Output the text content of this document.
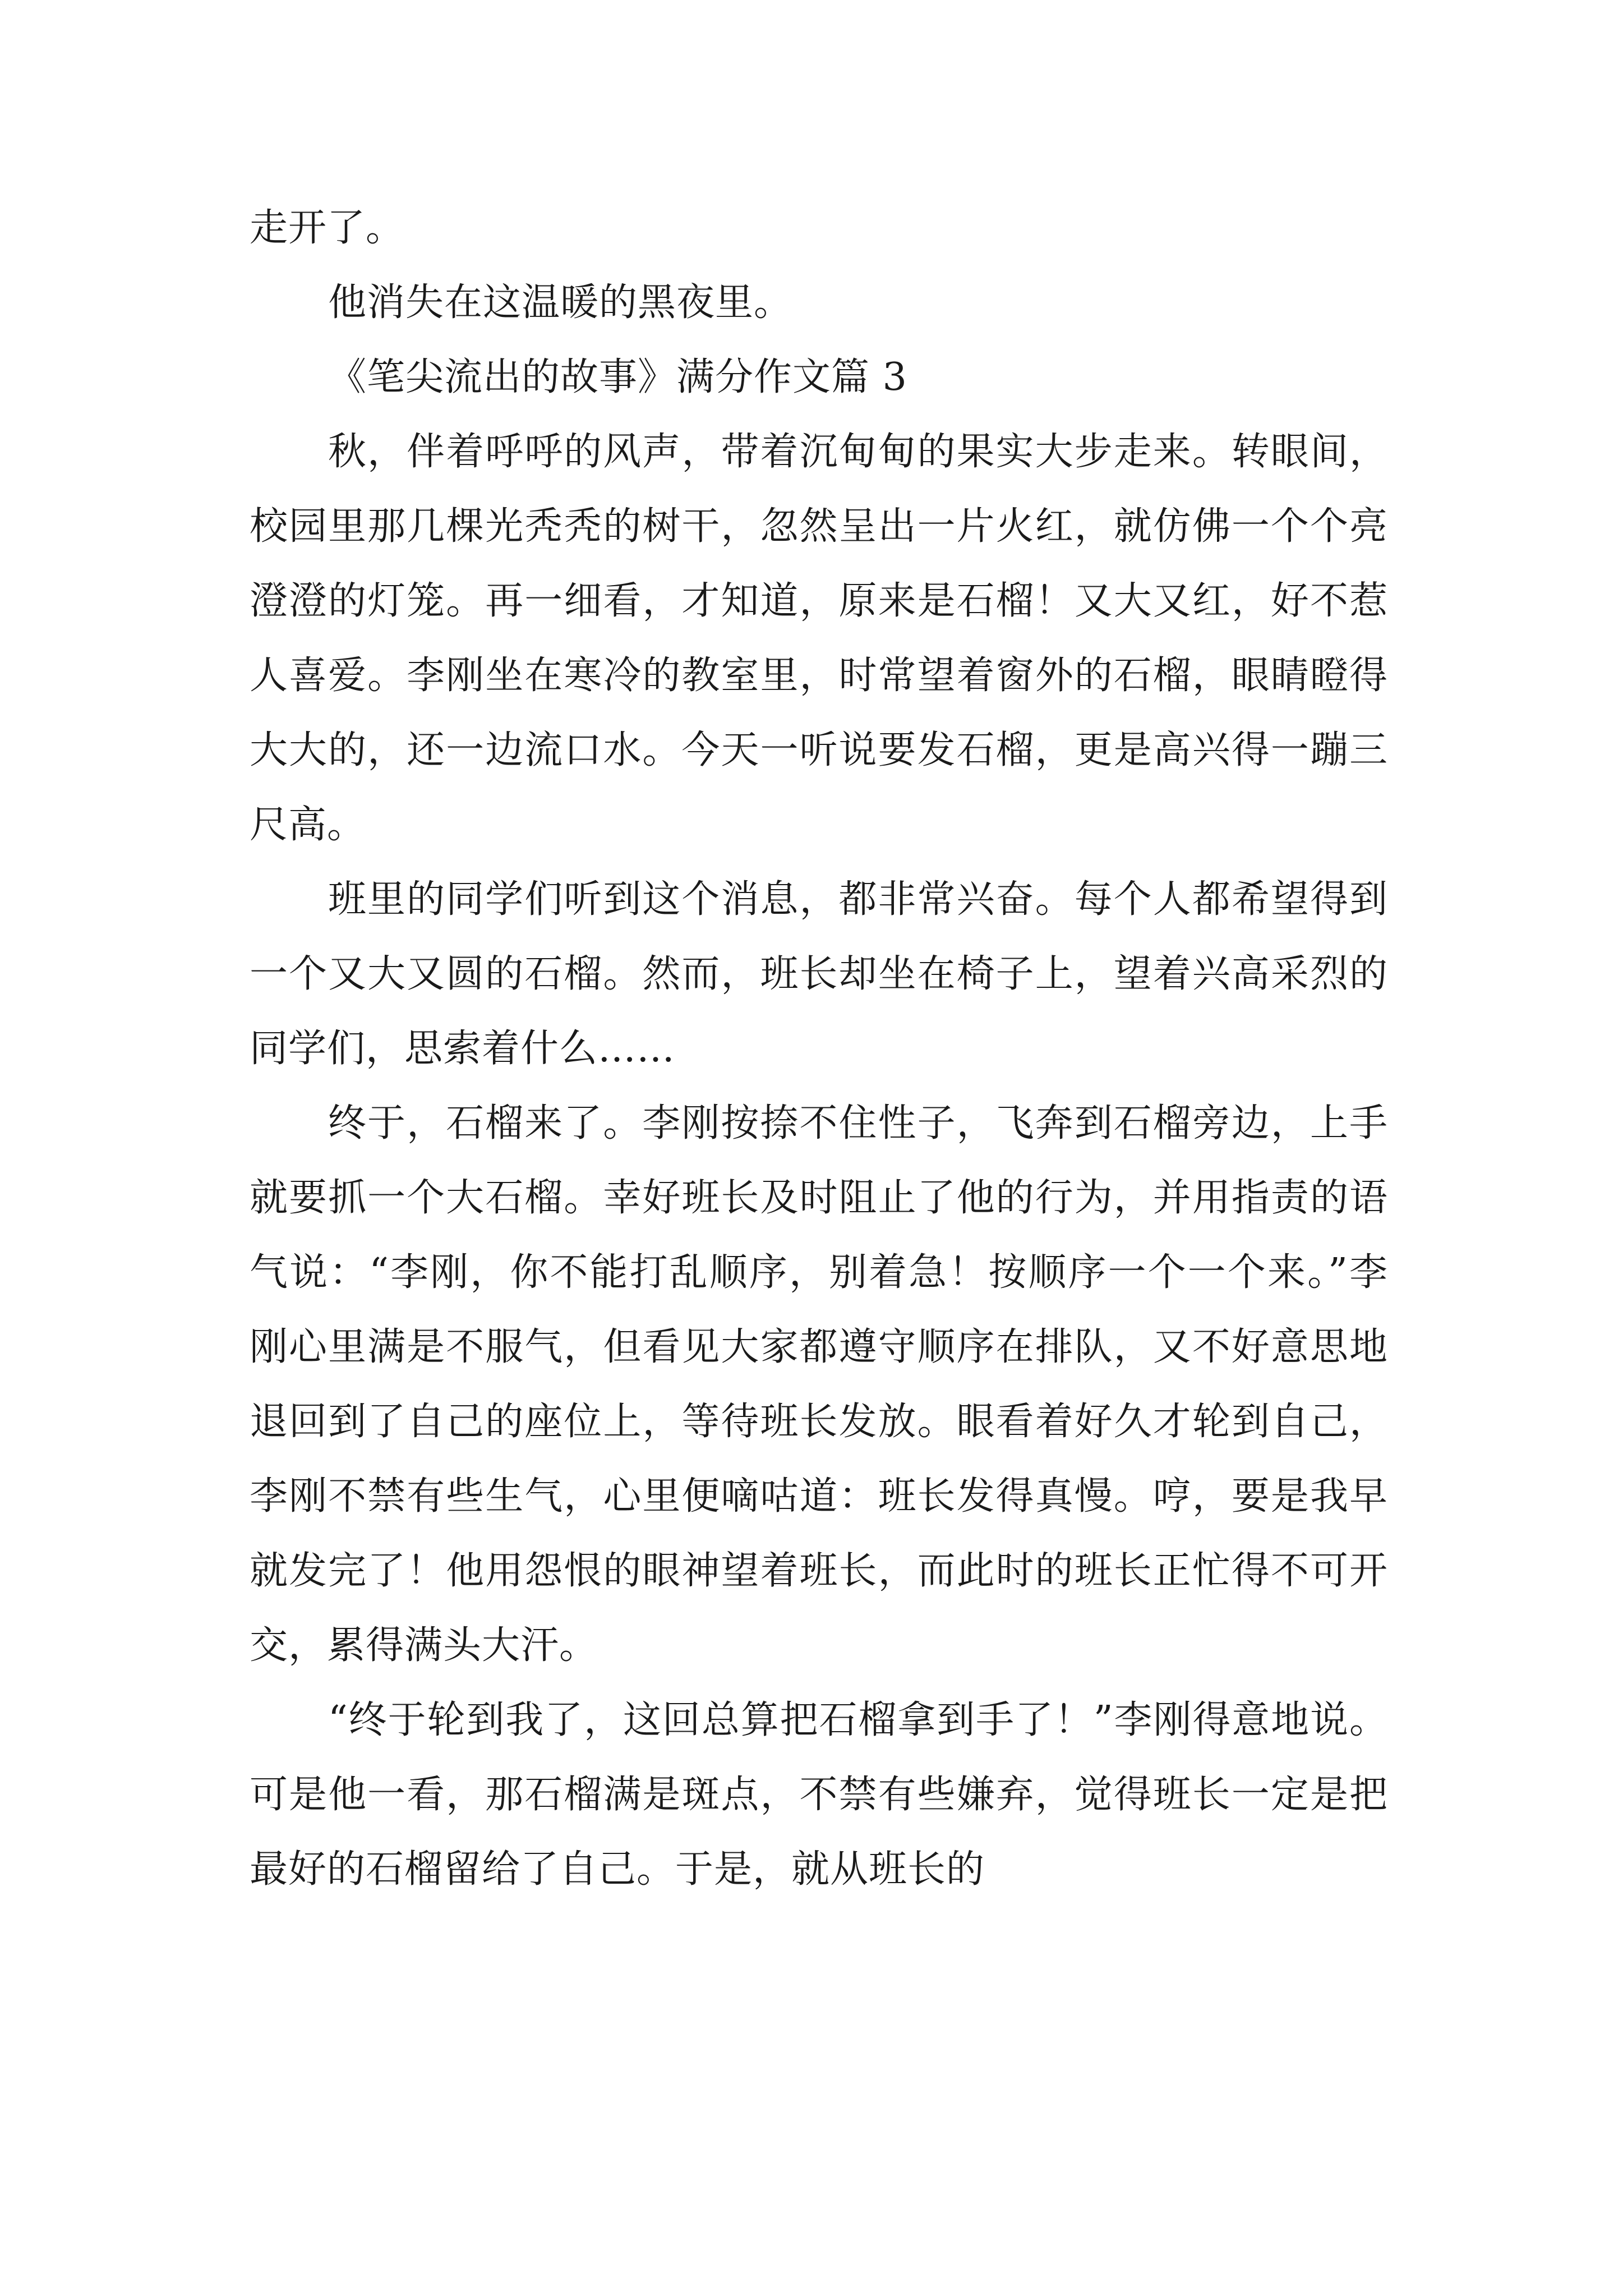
走开了。

他消失在这温暖的黑夜里。

《笔尖流出的故事》满分作文篇 3

秋，伴着呼呼的风声，带着沉甸甸的果实大步走来。转眼间，校园里那几棵光秃秃的树干，忽然呈出一片火红，就仿佛一个个亮澄澄的灯笼。再一细看，才知道，原来是石榴！又大又红，好不惹人喜爱。李刚坐在寒冷的教室里，时常望着窗外的石榴，眼睛瞪得大大的，还一边流口水。今天一听说要发石榴，更是高兴得一蹦三尺高。

班里的同学们听到这个消息，都非常兴奋。每个人都希望得到一个又大又圆的石榴。然而，班长却坐在椅子上，望着兴高采烈的同学们，思索着什么……

终于，石榴来了。李刚按捺不住性子，飞奔到石榴旁边，上手就要抓一个大石榴。幸好班长及时阻止了他的行为，并用指责的语气说：“李刚，你不能打乱顺序，别着急！按顺序一个一个来。”李刚心里满是不服气，但看见大家都遵守顺序在排队，又不好意思地退回到了自己的座位上，等待班长发放。眼看着好久才轮到自己，李刚不禁有些生气，心里便嘀咕道：班长发得真慢。哼，要是我早就发完了！他用怨恨的眼神望着班长，而此时的班长正忙得不可开交，累得满头大汗。

“终于轮到我了，这回总算把石榴拿到手了！”李刚得意地说。可是他一看，那石榴满是斑点，不禁有些嫌弃，觉得班长一定是把最好的石榴留给了自己。于是，就从班长的
